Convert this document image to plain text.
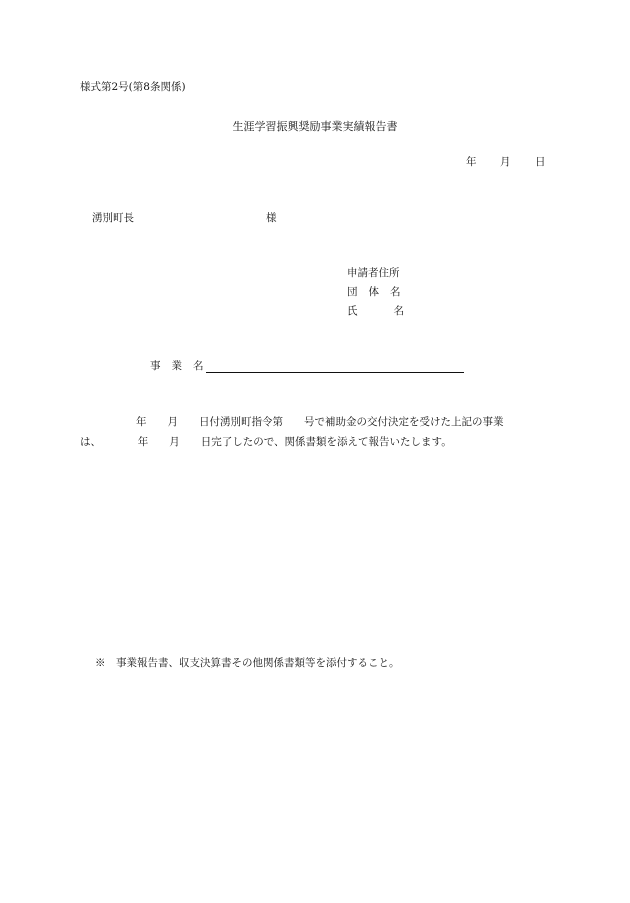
様式第2号(第8条関係)
生涯学習振興奨励事業実績報告書
年 月 日
湧別町長	様
申請者住所
団 体 名
氏	名
事 業 名
年　　月　　日付湧別町指令第　　号で補助金の交付決定を受けた上記の事業
は、　　　　年　　月　　日完了したので、関係書類を添えて報告いたします。
※　事業報告書、収支決算書その他関係書類等を添付すること。
